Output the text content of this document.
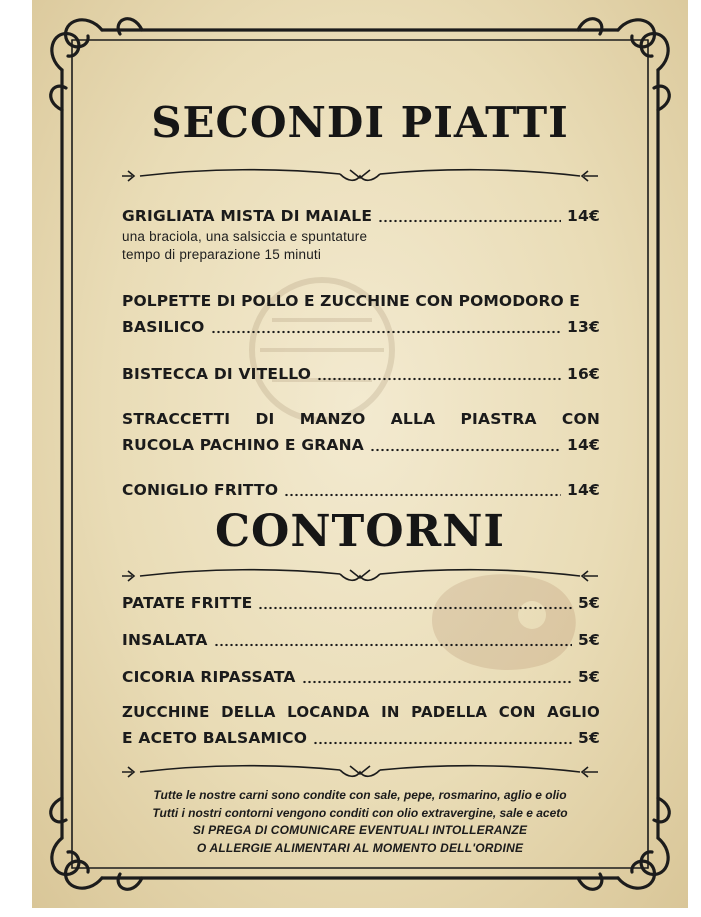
SECONDI PIATTI
GRIGLIATA MISTA DI MAIALE	14€
una braciola, una salsiccia e spuntature
tempo di preparazione 15 minuti
POLPETTE DI POLLO E ZUCCHINE CON POMODORO E
BASILICO	13€
BISTECCA DI VITELLO	16€
STRACCETTI DI MANZO ALLA PIASTRA CON
RUCOLA PACHINO E GRANA	14€
CONIGLIO FRITTO	14€
CONTORNI
PATATE FRITTE	5€
INSALATA	5€
CICORIA RIPASSATA	5€
ZUCCHINE DELLA LOCANDA IN PADELLA CON AGLIO
E ACETO BALSAMICO	5€
Tutte le nostre carni sono condite con sale, pepe, rosmarino, aglio e olio
Tutti i nostri contorni vengono conditi con olio extravergine, sale e aceto
SI PREGA DI COMUNICARE EVENTUALI INTOLLERANZE
O ALLERGIE ALIMENTARI AL MOMENTO DELL'ORDINE
